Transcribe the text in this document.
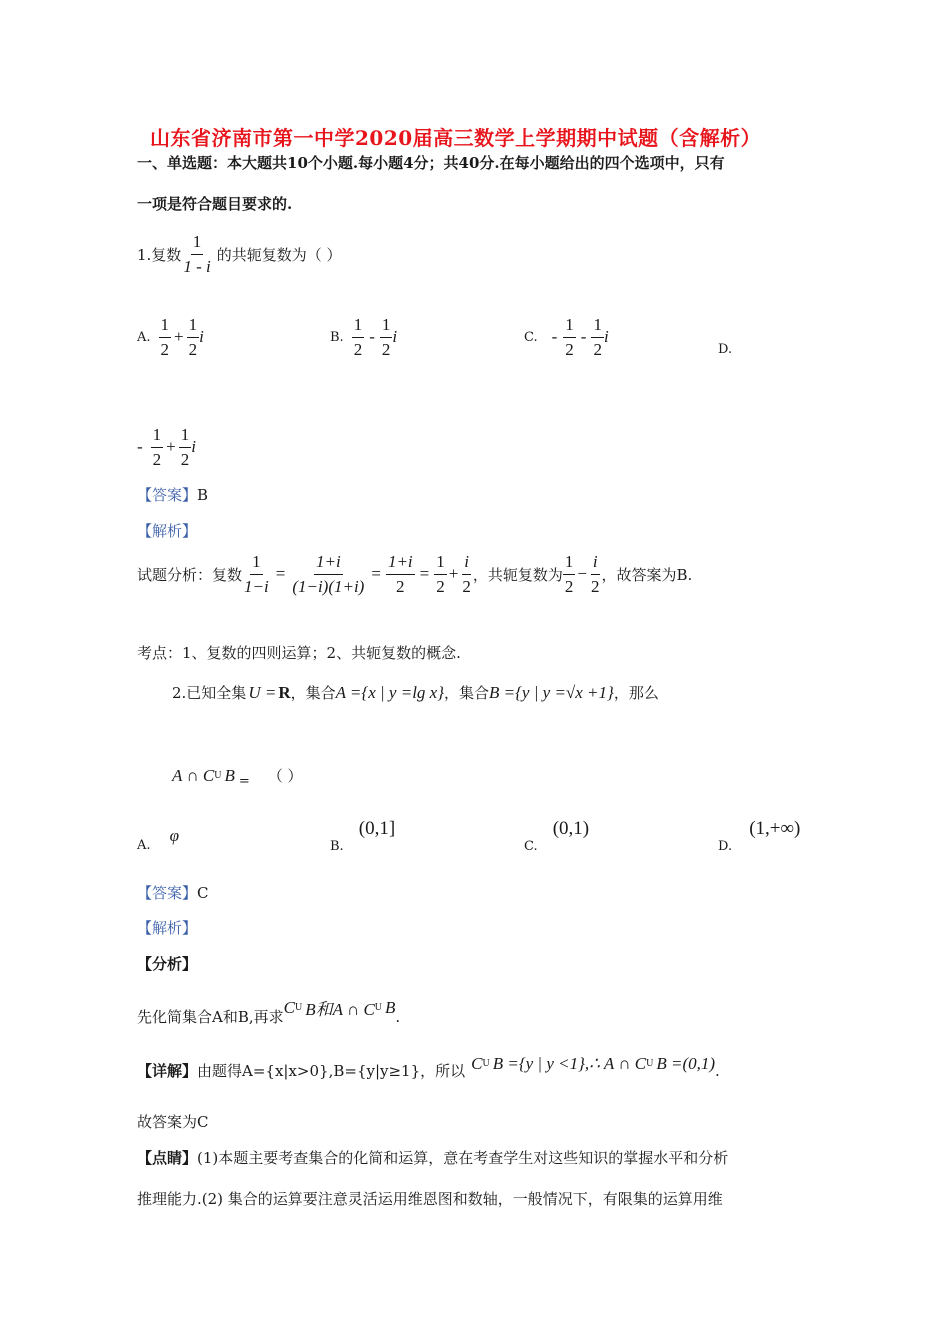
山东省济南市第一中学2020届高三数学上学期期中试题（含解析）
一、单选题：本大题共10个小题.每小题4分；共40分.在每小题给出的四个选项中，只有
一项是符合题目要求的.
1.复数 $\frac{1}{1 - i}$ 的共轭复数为（ ）
A. $\frac{1}{2} + \frac{1}{2}$ i	B. $\frac{1}{2} - \frac{1}{2}$ i	C. - $\frac{1}{2} - \frac{1}{2}$ i
D.
- $\frac{1}{2} + \frac{1}{2}$ i
【答案】B
【解析】
试题分析：复数 $\frac{1}{1-i} = \frac{1+i}{(1-i)(1+i)} = \frac{1+i}{2} = \frac{1}{2} + \frac{i}{2}$ ，共轭复数为 $\frac{1}{2} - \frac{i}{2}$ ，故答案为B.
考点：1、复数的四则运算；2、共轭复数的概念.
2.已知全集 U = R ，集合 A ={x | y =lg x} ，集合 B ={y | y =√x +1} ，那么
A ∩ C U B = （ ）
$_{A.}$ φ
$_{B.}$ (0,1]
$_{C.}$ (0,1)
$_{D.}$ (1,+∞)
【答案】C
【解析】
【分析】
先化简集合A和B,再求
C U B和A ∩ C U B .
【详解】 由题得A={x|x>0},B={y|y≥1}，所以 C U B ={y | y <1},∴ A ∩ C U B =(0,1) .
故答案为C
【点睛】(1)本题主要考查集合的化简和运算，意在考查学生对这些知识的掌握水平和分析
推理能力.(2) 集合的运算要注意灵活运用维恩图和数轴，一般情况下，有限集的运算用维
